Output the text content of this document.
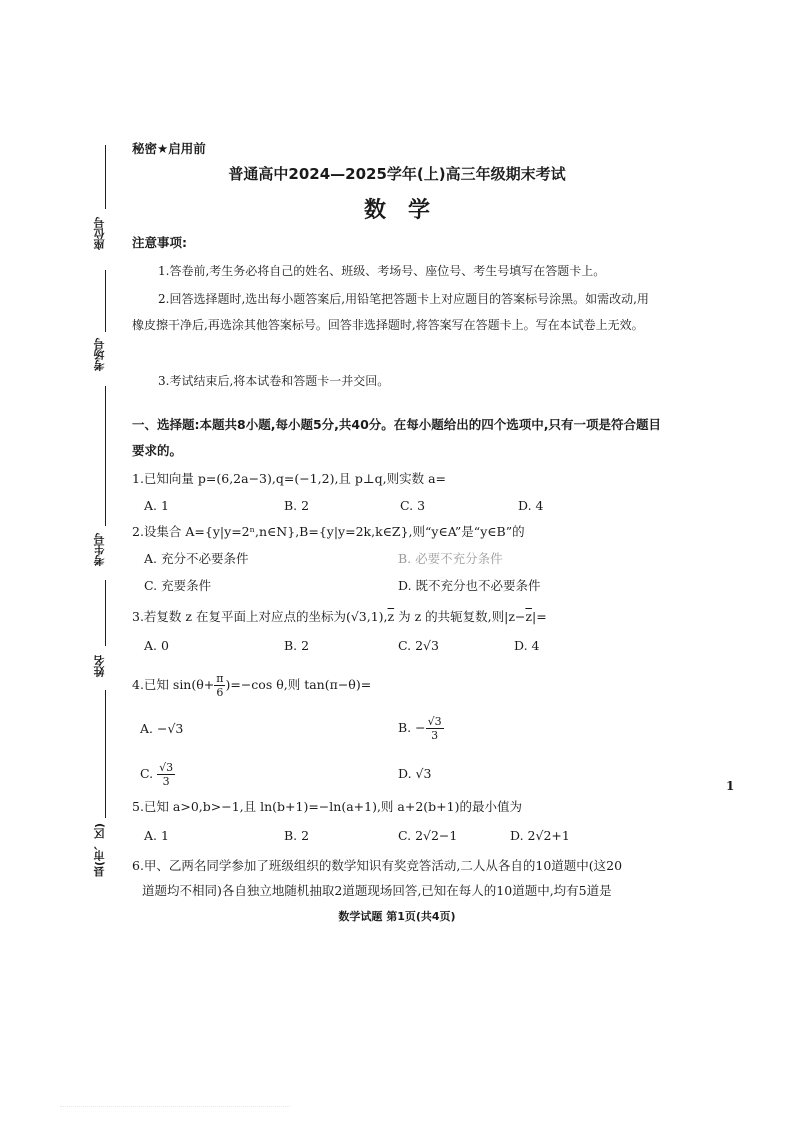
座位号
考场号
考生号
姓名
县(市、区)
秘密★启用前
普通高中2024—2025学年(上)高三年级期末考试
数学
注意事项:
1.答卷前,考生务必将自己的姓名、班级、考场号、座位号、考生号填写在答题卡上。
2.回答选择题时,选出每小题答案后,用铅笔把答题卡上对应题目的答案标号涂黑。如需改动,用橡皮擦干净后,再选涂其他答案标号。回答非选择题时,将答案写在答题卡上。写在本试卷上无效。
3.考试结束后,将本试卷和答题卡一并交回。
一、选择题:本题共8小题,每小题5分,共40分。在每小题给出的四个选项中,只有一项是符合题目要求的。
1.已知向量 p=(6,2a−3),q=(−1,2),且 p⊥q,则实数 a=
A. 1	B. 2	C. 3	D. 4
2.设集合 A={y|y=2ⁿ,n∈N},B={y|y=2k,k∈Z},则“y∈A”是“y∈B”的
A. 充分不必要条件	B. 必要不充分条件
C. 充要条件	D. 既不充分也不必要条件
3.若复数 z 在复平面上对应点的坐标为$(√3,1),\overline{z}$ 为 z 的共轭复数,则$|z-\overline{z}|=$
A. 0	B. 2	C. 2√3	D. 4
4.已知 $\sin(\theta+ \frac{\pi}{6} )=-\cos$ θ,则 tan(π−θ)=
A. −√3	B. − $\frac{√3}{3}$
C. $\frac{√3}{3}$	D. √3
1
5.已知 a>0,b>−1,且 ln(b+1)=−ln(a+1),则 a+2(b+1)的最小值为
A. 1	B. 2	C. 2√2−1	D. 2√2+1
6.甲、乙两名同学参加了班级组织的数学知识有奖竞答活动,二人从各自的10道题中(这20
道题均不相同)各自独立地随机抽取2道题现场回答,已知在每人的10道题中,均有5道是
数学试题 第1页(共4页)
